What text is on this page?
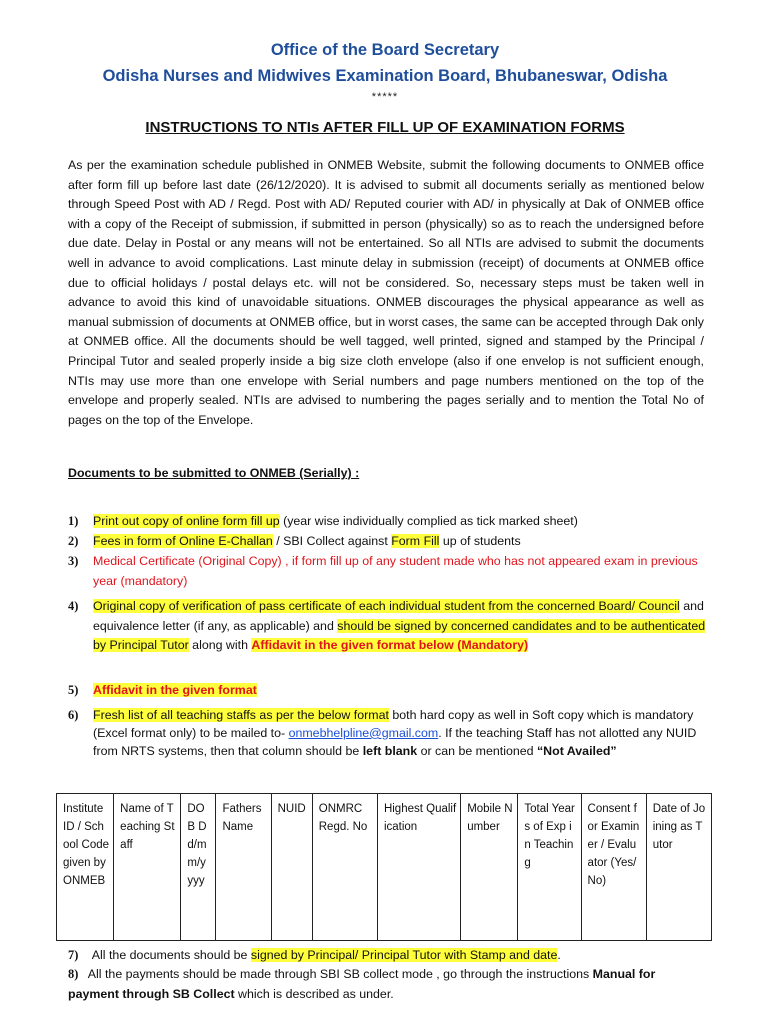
Office of the Board Secretary
Odisha Nurses and Midwives Examination Board, Bhubaneswar, Odisha
*****
INSTRUCTIONS TO NTIs AFTER FILL UP OF EXAMINATION FORMS
As per the examination schedule published in ONMEB Website, submit the following documents to ONMEB office after form fill up before last date (26/12/2020). It is advised to submit all documents serially as mentioned below through Speed Post with AD / Regd. Post with AD/ Reputed courier with AD/ in physically at Dak of ONMEB office with a copy of the Receipt of submission, if submitted in person (physically) so as to reach the undersigned before due date. Delay in Postal or any means will not be entertained. So all NTIs are advised to submit the documents well in advance to avoid complications. Last minute delay in submission (receipt) of documents at ONMEB office due to official holidays / postal delays etc. will not be considered. So, necessary steps must be taken well in advance to avoid this kind of unavoidable situations. ONMEB discourages the physical appearance as well as manual submission of documents at ONMEB office, but in worst cases, the same can be accepted through Dak only at ONMEB office. All the documents should be well tagged, well printed, signed and stamped by the Principal / Principal Tutor and sealed properly inside a big size cloth envelope (also if one envelop is not sufficient enough, NTIs may use more than one envelope with Serial numbers and page numbers mentioned on the top of the envelope and properly sealed. NTIs are advised to numbering the pages serially and to mention the Total No of pages on the top of the Envelope.
Documents to be submitted to ONMEB (Serially) :
1) Print out copy of online form fill up (year wise individually complied as tick marked sheet)
2) Fees in form of Online E-Challan / SBI Collect against Form Fill up of students
3) Medical Certificate (Original Copy) , if form fill up of any student made who has not appeared exam in previous year (mandatory)
4) Original copy of verification of pass certificate of each individual student from the concerned Board/ Council and equivalence letter (if any, as applicable) and should be signed by concerned candidates and to be authenticated by Principal Tutor along with Affidavit in the given format below (Mandatory)
5) Affidavit in the given format
6) Fresh list of all teaching staffs as per the below format both hard copy as well in Soft copy which is mandatory (Excel format only) to be mailed to- onmebhelpline@gmail.com. If the teaching Staff has not allotted any NUID from NRTS systems, then that column should be left blank or can be mentioned “Not Availed”
Institute ID / School Code given by ONMEB	Name of Teaching Staff	DOB Dd/mm/yyyy	Fathers Name	NUID	ONMRC Regd. No	Highest Qualification	Mobile Number	Total Years of Exp in Teaching	Consent for Examiner / Evaluator (Yes/No)	Date of Joining as Tutor
7) All the documents should be signed by Principal/ Principal Tutor with Stamp and date.
8) All the payments should be made through SBI SB collect mode , go through the instructions Manual for payment through SB Collect which is described as under.
